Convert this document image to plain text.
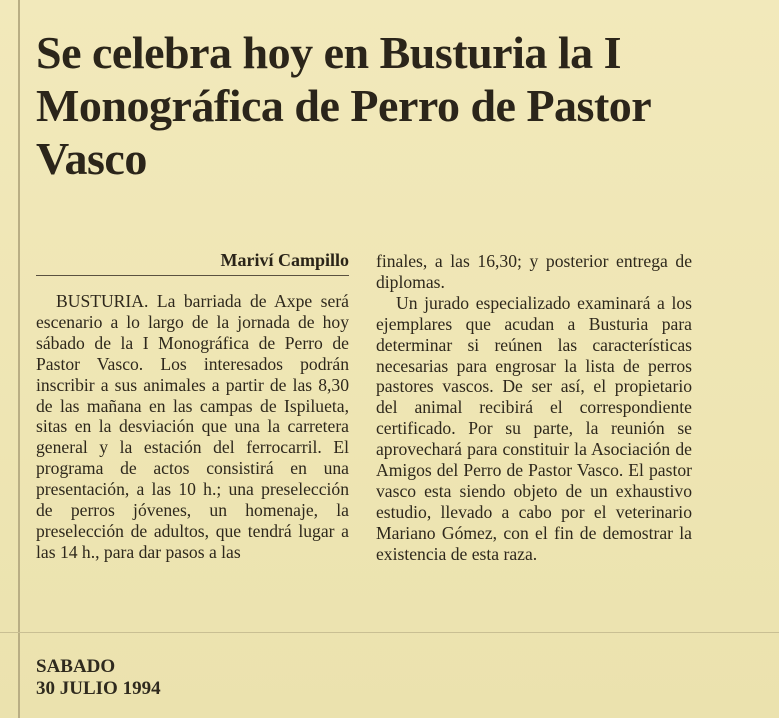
Se celebra hoy en Busturia la I Monográfica de Perro de Pastor Vasco
Mariví Campillo

BUSTURIA. La barriada de Axpe será escenario a lo largo de la jornada de hoy sábado de la I Monográfica de Perro de Pastor Vasco. Los interesados podrán inscribir a sus animales a partir de las 8,30 de las mañana en las campas de Ispilueta, sitas en la desviación que una la carretera general y la estación del ferrocarril. El programa de actos consistirá en una presentación, a las 10 h.; una preselección de perros jóvenes, un homenaje, la preselección de adultos, que tendrá lugar a las 14 h., para dar pasos a las

finales, a las 16,30; y posterior entrega de diplomas.

Un jurado especializado examinará a los ejemplares que acudan a Busturia para determinar si reúnen las características necesarias para engrosar la lista de perros pastores vascos. De ser así, el propietario del animal recibirá el correspondiente certificado. Por su parte, la reunión se aprovechará para constituir la Asociación de Amigos del Perro de Pastor Vasco. El pastor vasco esta siendo objeto de un exhaustivo estudio, llevado a cabo por el veterinario Mariano Gómez, con el fin de demostrar la existencia de esta raza.

SABADO
30 JULIO 1994
